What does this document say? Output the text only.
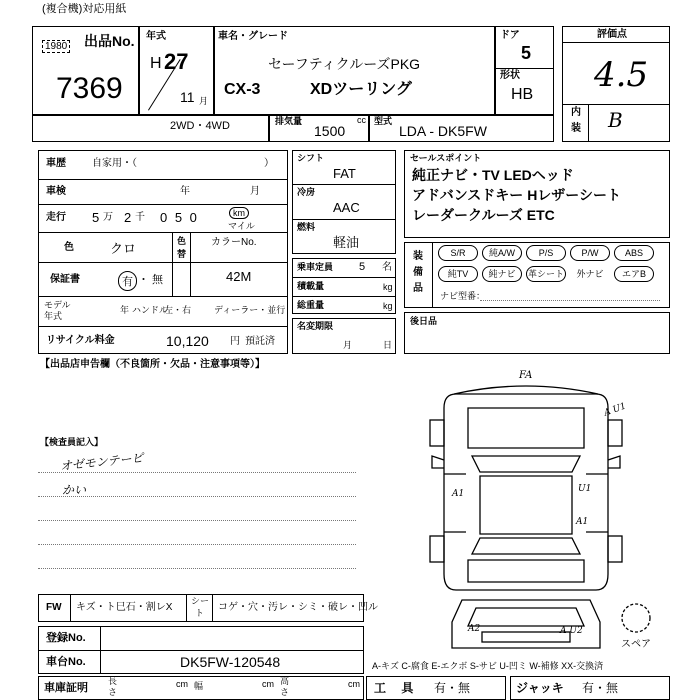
(複合機)対応用紙
1980 出品No.
7369
年式
H 27
11 月
車名・グレード
セーフティクルーズPKG
CX-3	XDツーリング
ドア
5
形状
HB
2WD・4WD	排気量	cc
1500
型式
LDA - DK5FW
評価点
4.5
内
装 B
車歴	自家用・（	）
車検	年	月
走行 5 万 2 千 0 5 0	km
マイル
色	クロ	色
替
カラーNo.
42M
保証書	有 ・ 無
モデル
年式
年 ハンドル
左・右	ディーラー・並行
リサイクル料金	10,120 円 預託済
シフト
FAT
冷房
AAC
燃料
軽油
乗車定員 5 名
積載量	kg
総重量	kg
名変期限
月	日
セールスポイント
純正ナビ・TV LEDヘッド
アドバンスドキー Hレザーシート
レーダークルーズ ETC
装
備
品
S/R	純A/W	P/S	P/W	ABS
純TV	純ナビ	革シート	外ナビ	エアB
ナビ型番：
後日品
【出品店申告欄（不良箇所・欠品・注意事項等）】
【検査員記入】
オゼモンテーピ
かい
FA
A U1
A1	U1
A1
A2	A U2
スペア
FW キズ・ト巳石・割レX
シー
ト コゲ・穴・汚レ・シミ・破レ・凹ル
登録No.
車台No.	DK5FW-120548
車庫証明
長
さ
cm 幅	cm 高
さ
cm
A-キズ C-腐食 E-エクボ S-サビ U-凹ミ W-補修 XX-交換済
工 具 有・無	ジャッキ 有・無
